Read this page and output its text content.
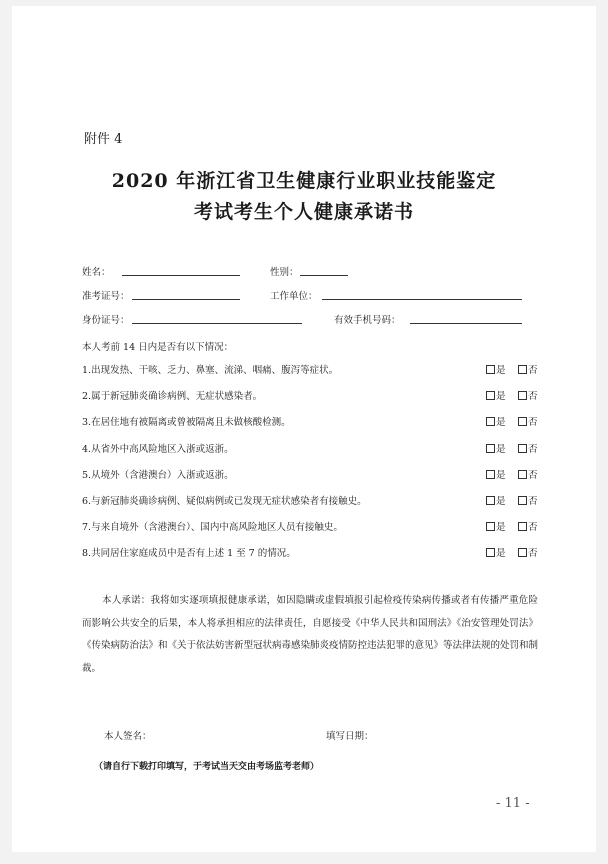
附件 4
2020 年浙江省卫生健康行业职业技能鉴定
考试考生个人健康承诺书
姓名：	性别：
准考证号：	工作单位：
身份证号：	有效手机号码：
本人考前 14 日内是否有以下情况：
1.出现发热、干咳、乏力、鼻塞、流涕、咽痛、腹泻等症状。	是	否
2.属于新冠肺炎确诊病例、无症状感染者。	是	否
3.在居住地有被隔离或曾被隔离且未做核酸检测。	是	否
4.从省外中高风险地区入浙或返浙。	是	否
5.从境外（含港澳台）入浙或返浙。	是	否
6.与新冠肺炎确诊病例、疑似病例或已发现无症状感染者有接触史。	是	否
7.与来自境外（含港澳台）、国内中高风险地区人员有接触史。	是	否
8.共同居住家庭成员中是否有上述 1 至 7 的情况。	是	否
本人承诺：我将如实逐项填报健康承诺，如因隐瞒或虚假填报引起检疫传染病传播或者有传播严重危险而影响公共安全的后果，本人将承担相应的法律责任，自愿接受《中华人民共和国刑法》《治安管理处罚法》《传染病防治法》和《关于依法妨害新型冠状病毒感染肺炎疫情防控违法犯罪的意见》等法律法规的处罚和制裁。
本人签名：	填写日期：
（请自行下载打印填写，于考试当天交由考场监考老师）
- 11 -
